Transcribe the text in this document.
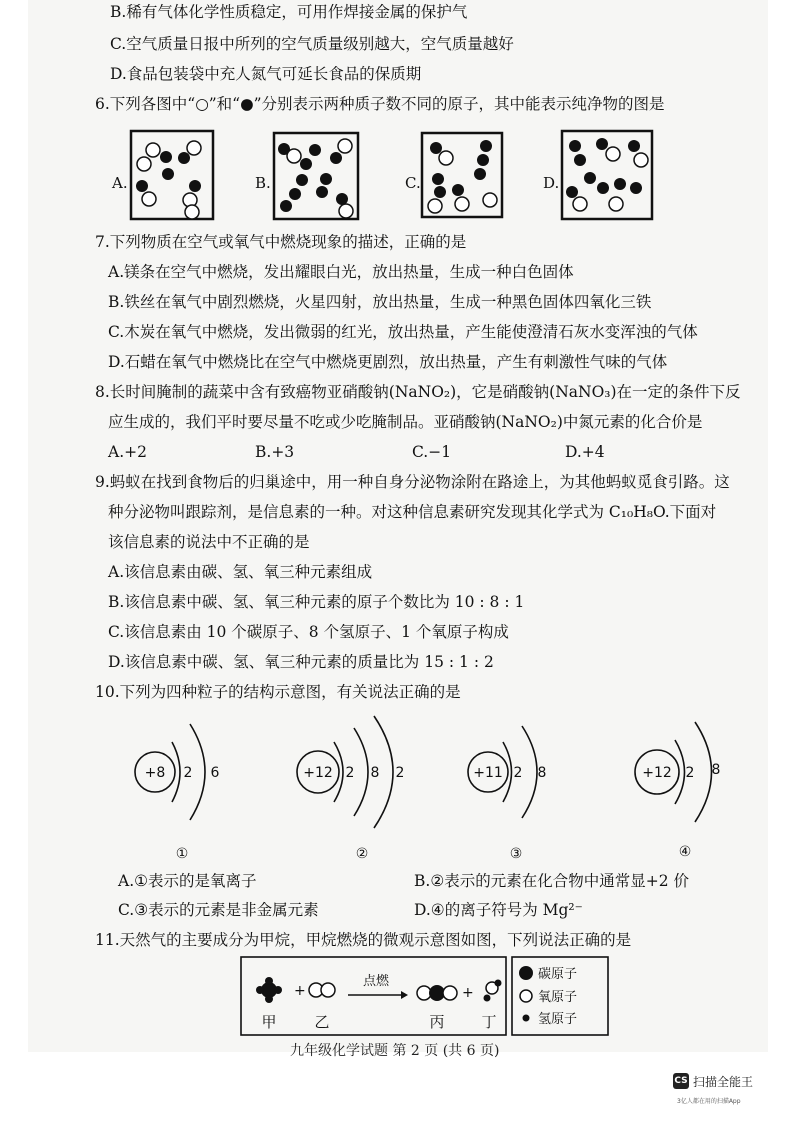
B.稀有气体化学性质稳定，可用作焊接金属的保护气
C.空气质量日报中所列的空气质量级别越大，空气质量越好
D.食品包装袋中充人氮气可延长食品的保质期
6.下列各图中“○”和“●”分别表示两种质子数不同的原子，其中能表示纯净物的图是
A.	B.	C.	D.
7.下列物质在空气或氧气中燃烧现象的描述，正确的是
A.镁条在空气中燃烧，发出耀眼白光，放出热量，生成一种白色固体
B.铁丝在氧气中剧烈燃烧，火星四射，放出热量，生成一种黑色固体四氧化三铁
C.木炭在氧气中燃烧，发出微弱的红光，放出热量，产生能使澄清石灰水变浑浊的气体
D.石蜡在氧气中燃烧比在空气中燃烧更剧烈，放出热量，产生有刺激性气味的气体
8.长时间腌制的蔬菜中含有致癌物亚硝酸钠(NaNO₂)，它是硝酸钠(NaNO₃)在一定的条件下反
应生成的，我们平时要尽量不吃或少吃腌制品。亚硝酸钠(NaNO₂)中氮元素的化合价是
A.+2	B.+3	C.−1	D.+4
9.蚂蚁在找到食物后的归巢途中，用一种自身分泌物涂附在路途上，为其他蚂蚁觅食引路。这
种分泌物叫跟踪剂，是信息素的一种。对这种信息素研究发现其化学式为 C₁₀H₈O.下面对
该信息素的说法中不正确的是
A.该信息素由碳、氢、氧三种元素组成
B.该信息素中碳、氢、氧三种元素的原子个数比为 10 : 8 : 1
C.该信息素由 10 个碳原子、8 个氢原子、1 个氧原子构成
D.该信息素中碳、氢、氧三种元素的质量比为 15 : 1 : 2
10.下列为四种粒子的结构示意图，有关说法正确的是
+8 2 6
①
+12 2 8 2
②
+11 2 8
③
+12 2 8
④
A.①表示的是氧离子	B.②表示的元素在化合物中通常显+2 价
C.③表示的元素是非金属元素	D.④的离子符号为 Mg²⁻
11.天然气的主要成分为甲烷，甲烷燃烧的微观示意图如图，下列说法正确的是
+
甲	乙
点燃
+
丙 丁
碳原子
氧原子
氢原子
九年级化学试题 第 2 页 (共 6 页)
CS 扫描全能王
3亿人都在用的扫描App
